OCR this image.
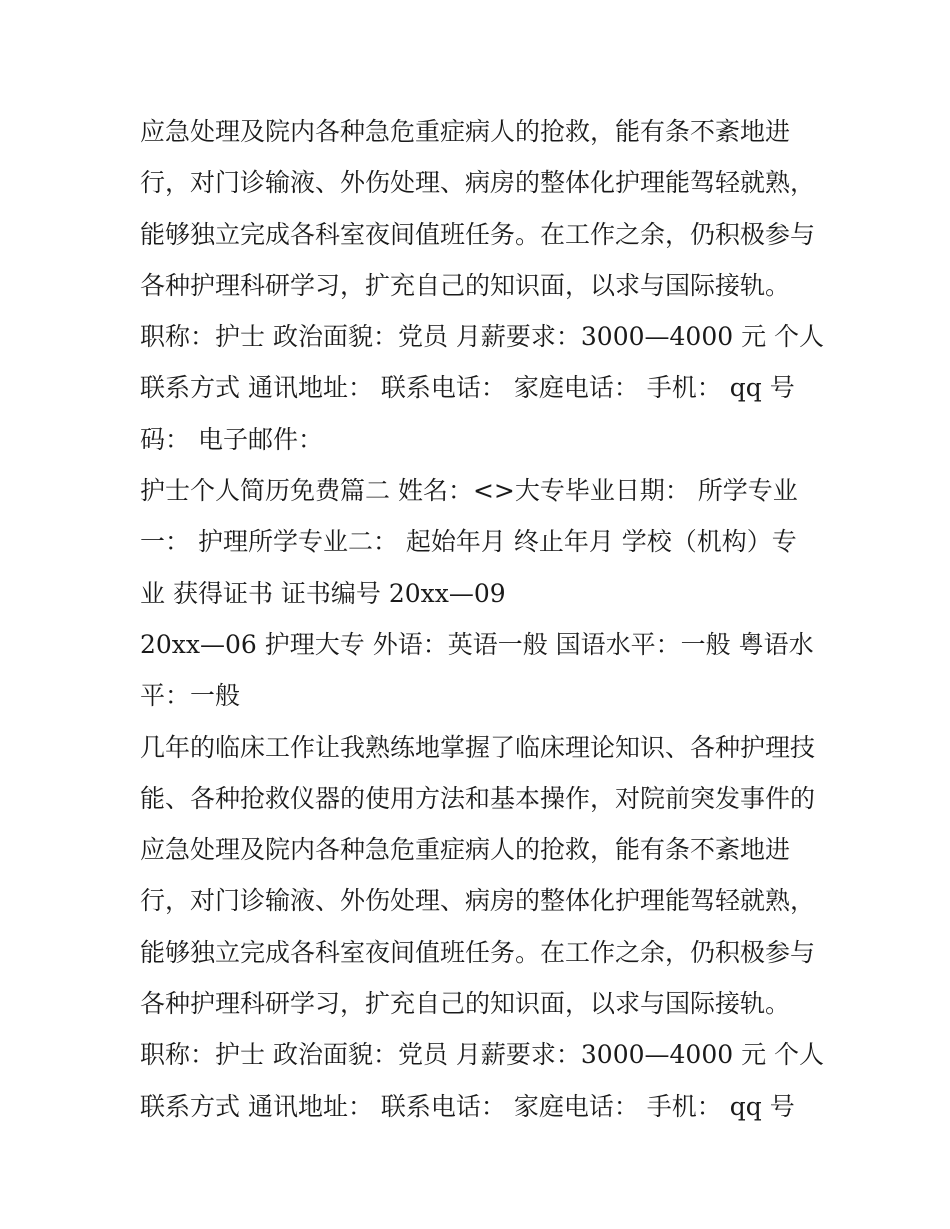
应急处理及院内各种急危重症病人的抢救，能有条不紊地进
行，对门诊输液、外伤处理、病房的整体化护理能驾轻就熟，
能够独立完成各科室夜间值班任务。在工作之余，仍积极参与
各种护理科研学习，扩充自己的知识面，以求与国际接轨。
职称：护士 政治面貌：党员 月薪要求：3000—4000 元 个人
联系方式 通讯地址： 联系电话： 家庭电话： 手机： qq 号
码： 电子邮件：
护士个人简历免费篇二 姓名：<>大专毕业日期： 所学专业
一： 护理所学专业二： 起始年月 终止年月 学校（机构）专
业 获得证书 证书编号 20xx—09
20xx—06 护理大专 外语：英语一般 国语水平：一般 粤语水
平：一般
几年的临床工作让我熟练地掌握了临床理论知识、各种护理技
能、各种抢救仪器的使用方法和基本操作，对院前突发事件的
应急处理及院内各种急危重症病人的抢救，能有条不紊地进
行，对门诊输液、外伤处理、病房的整体化护理能驾轻就熟，
能够独立完成各科室夜间值班任务。在工作之余，仍积极参与
各种护理科研学习，扩充自己的知识面，以求与国际接轨。
职称：护士 政治面貌：党员 月薪要求：3000—4000 元 个人
联系方式 通讯地址： 联系电话： 家庭电话： 手机： qq 号
